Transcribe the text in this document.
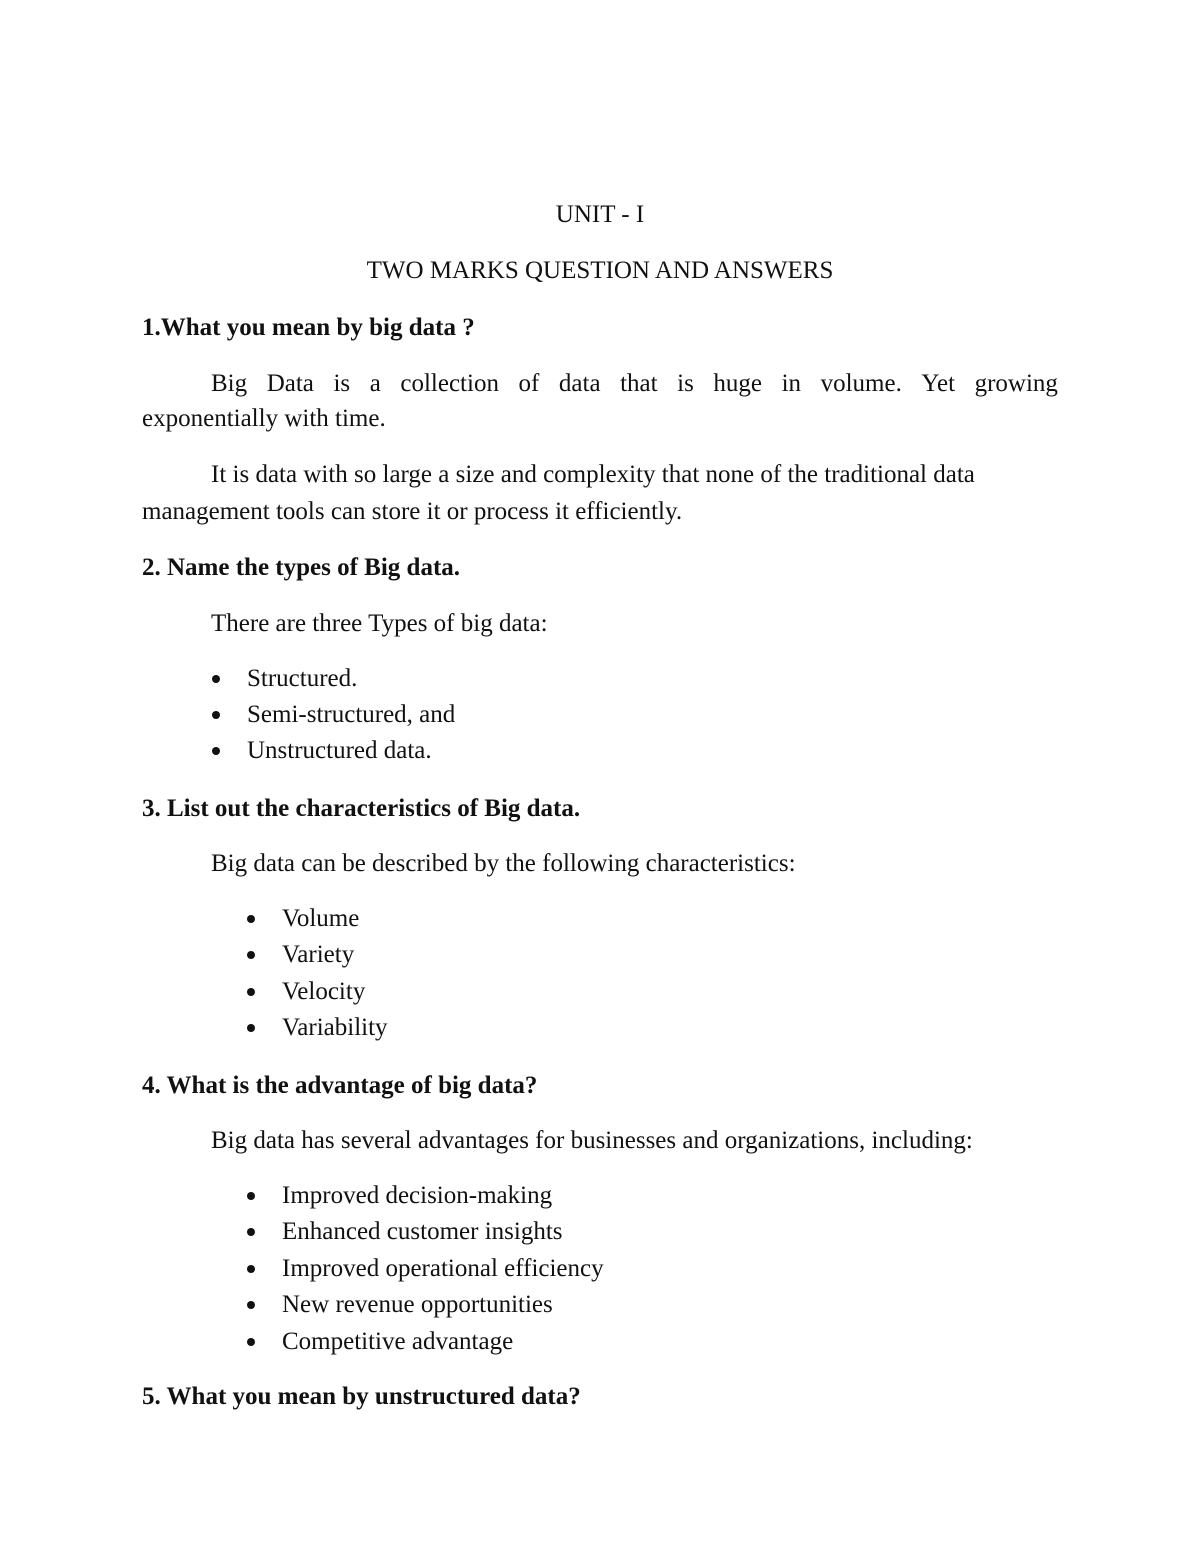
UNIT - I
TWO MARKS QUESTION AND ANSWERS
1.What you mean by big data ?
Big Data is a collection of data that is huge in volume. Yet growing
exponentially with time.
It is data with so large a size and complexity that none of the traditional data
management tools can store it or process it efficiently.
2. Name the types of Big data.
There are three Types of big data:
Structured.
Semi-structured, and
Unstructured data.
3. List out the characteristics of Big data.
Big data can be described by the following characteristics:
Volume
Variety
Velocity
Variability
4. What is the advantage of big data?
Big data has several advantages for businesses and organizations, including:
Improved decision-making
Enhanced customer insights
Improved operational efficiency
New revenue opportunities
Competitive advantage
5. What you mean by unstructured data?
